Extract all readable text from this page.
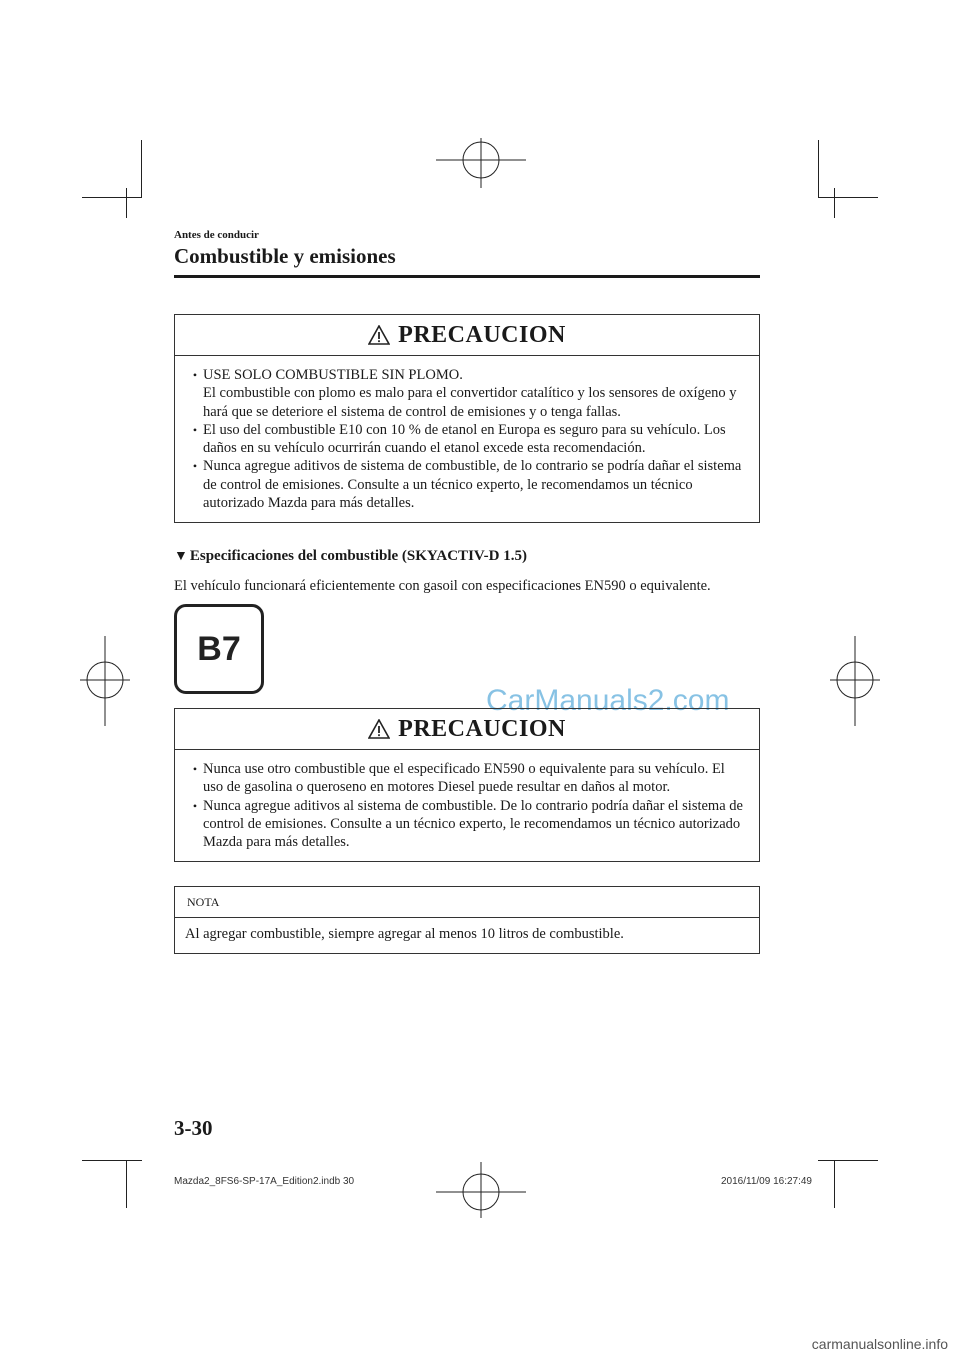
Antes de conducir
Combustible y emisiones
PRECAUCION
• USE SOLO COMBUSTIBLE SIN PLOMO.
El combustible con plomo es malo para el convertidor catalítico y los sensores de oxígeno y hará que se deteriore el sistema de control de emisiones y o tenga fallas.
• El uso del combustible E10 con 10 % de etanol en Europa es seguro para su vehículo. Los daños en su vehículo ocurrirán cuando el etanol excede esta recomendación.
• Nunca agregue aditivos de sistema de combustible, de lo contrario se podría dañar el sistema de control de emisiones. Consulte a un técnico experto, le recomendamos un técnico autorizado Mazda para más detalles.
▼ Especificaciones del combustible (SKYACTIV-D 1.5)
El vehículo funcionará eficientemente con gasoil con especificaciones EN590 o equivalente.
B7
CarManuals2.com
PRECAUCION
• Nunca use otro combustible que el especificado EN590 o equivalente para su vehículo. El uso de gasolina o queroseno en motores Diesel puede resultar en daños al motor.
• Nunca agregue aditivos al sistema de combustible. De lo contrario podría dañar el sistema de control de emisiones. Consulte a un técnico experto, le recomendamos un técnico autorizado Mazda para más detalles.
NOTA
Al agregar combustible, siempre agregar al menos 10 litros de combustible.
3-30
Mazda2_8FS6-SP-17A_Edition2.indb 30	2016/11/09 16:27:49
carmanualsonline.info
